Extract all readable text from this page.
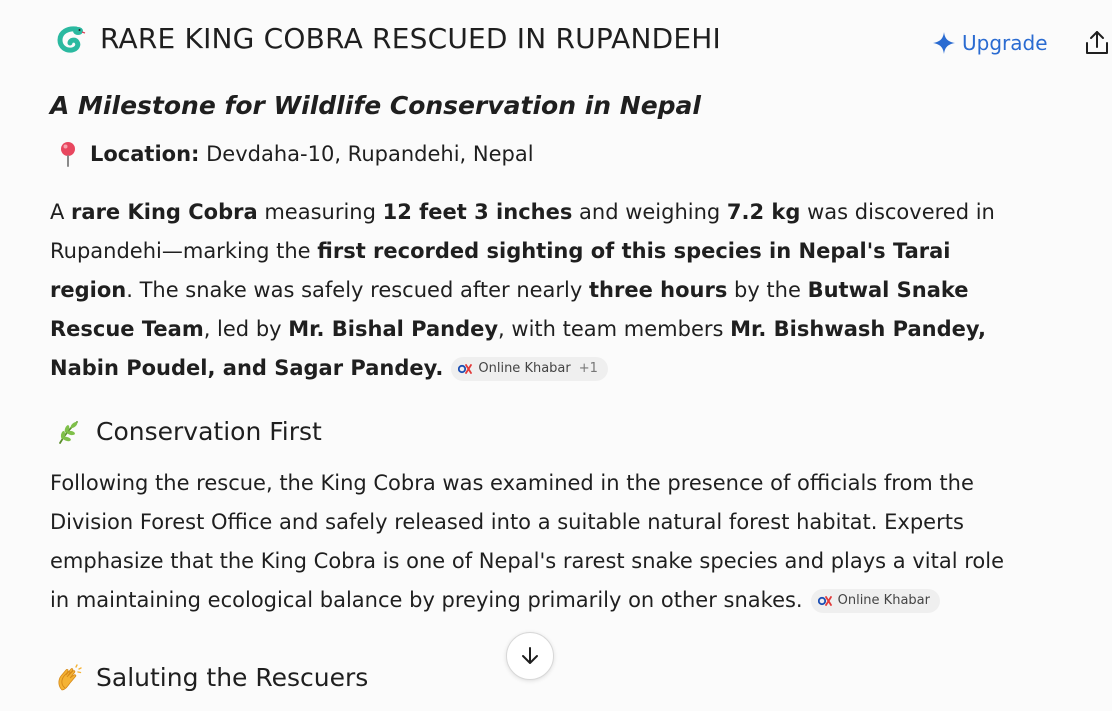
RARE KING COBRA RESCUED IN RUPANDEHI	Upgrade
A Milestone for Wildlife Conservation in Nepal
Location: Devdaha-10, Rupandehi, Nepal

A rare King Cobra measuring 12 feet 3 inches and weighing 7.2 kg was discovered in Rupandehi—marking the first recorded sighting of this species in Nepal's Tarai region. The snake was safely rescued after nearly three hours by the Butwal Snake Rescue Team, led by Mr. Bishal Pandey, with team members Mr. Bishwash Pandey, Nabin Poudel, and Sagar Pandey.	Online Khabar +1

Conservation First

Following the rescue, the King Cobra was examined in the presence of officials from the Division Forest Office and safely released into a suitable natural forest habitat. Experts emphasize that the King Cobra is one of Nepal's rarest snake species and plays a vital role in maintaining ecological balance by preying primarily on other snakes.	Online Khabar

Saluting the Rescuers
